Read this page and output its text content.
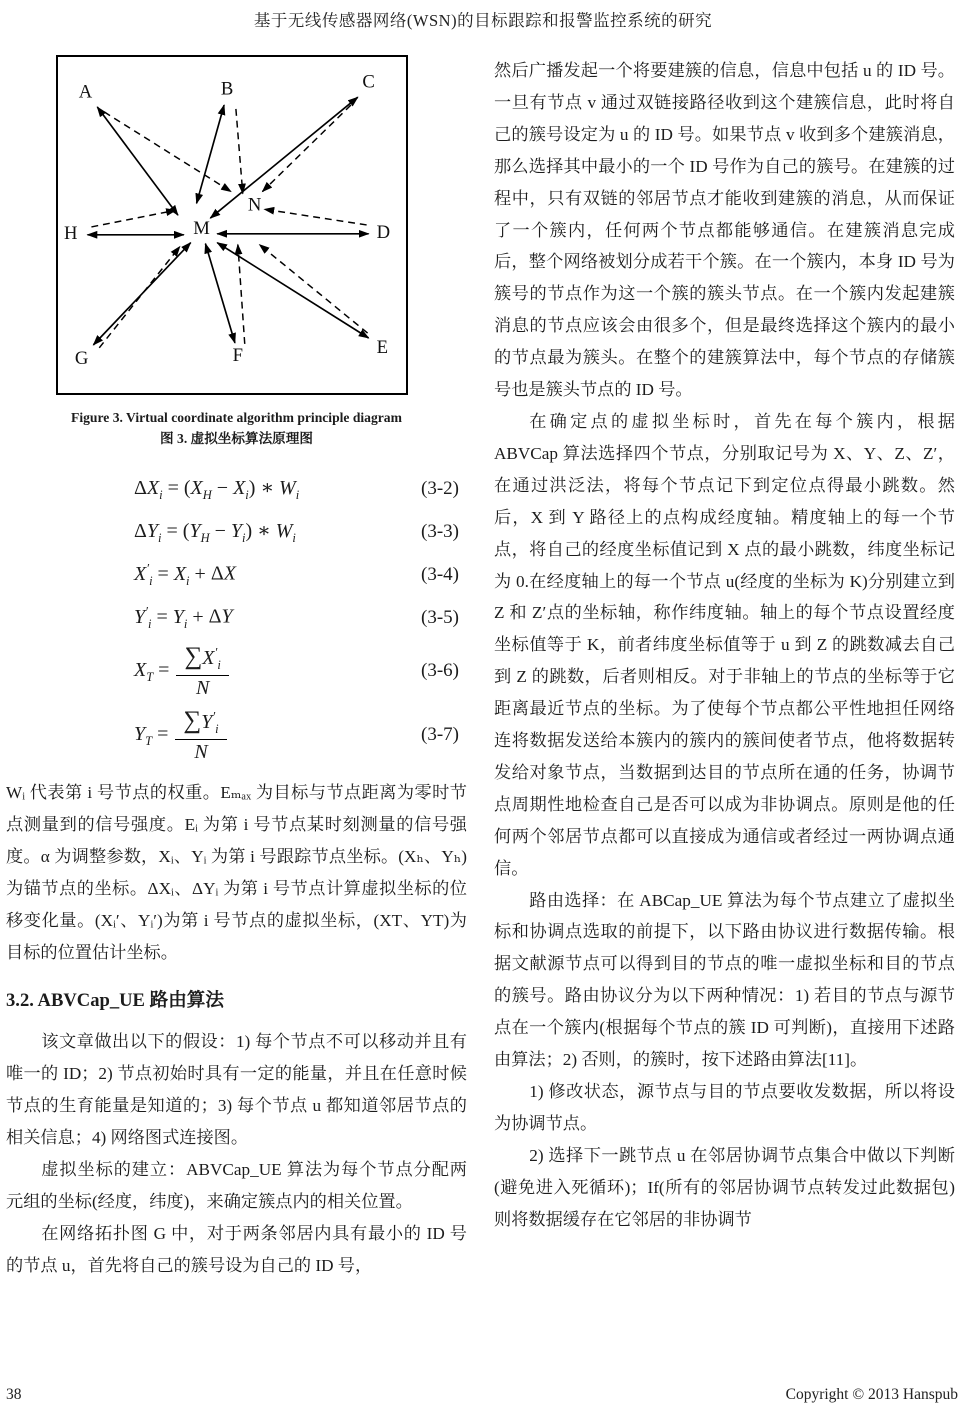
基于无线传感器网络(WSN)的目标跟踪和报警监控系统的研究
A	B	C
H	D
G	F	E
M
N
Figure 3. Virtual coordinate algorithm principle diagram
图 3. 虚拟坐标算法原理图
$\Delta X_i = (X_H - X_i)$ ∗ $W_i$	(3-2)
$\Delta Y_i = (Y_H - Y_i)$ ∗ $W_i$	(3-3)
$X'_i = X_i + \Delta X$	(3-4)
$Y'_i = Y_i + \Delta Y$	(3-5)
$X_T = \frac{\sum X'_i}{N}$	(3-6)
$Y_T = \frac{\sum Y'_i}{N}$	(3-7)

Wᵢ 代表第 i 号节点的权重。Eₘₐₓ 为目标与节点距离为零时节点测量到的信号强度。Eᵢ 为第 i 号节点某时刻测量的信号强度。α 为调整参数，Xᵢ、Yᵢ 为第 i 号跟踪节点坐标。(Xₕ、Yₕ)为锚节点的坐标。ΔXᵢ、ΔYᵢ 为第 i 号节点计算虚拟坐标的位移变化量。(Xᵢ′、Yᵢ′)为第 i 号节点的虚拟坐标，(XT、YT)为目标的位置估计坐标。

3.2. ABVCap_UE 路由算法

该文章做出以下的假设：1) 每个节点不可以移动并且有唯一的 ID；2) 节点初始时具有一定的能量，并且在任意时候节点的生育能量是知道的；3) 每个节点 u 都知道邻居节点的相关信息；4) 网络图式连接图。

虚拟坐标的建立：ABVCap_UE 算法为每个节点分配两元组的坐标(经度，纬度)，来确定簇点内的相关位置。

在网络拓扑图 G 中，对于两条邻居内具有最小的 ID 号的节点 u，首先将自己的簇号设为自己的 ID 号，

然后广播发起一个将要建簇的信息，信息中包括 u 的 ID 号。一旦有节点 v 通过双链接路径收到这个建簇信息，此时将自己的簇号设定为 u 的 ID 号。如果节点 v 收到多个建簇消息，那么选择其中最小的一个 ID 号作为自己的簇号。在建簇的过程中，只有双链的邻居节点才能收到建簇的消息，从而保证了一个簇内，任何两个节点都能够通信。在建簇消息完成后，整个网络被划分成若干个簇。在一个簇内，本身 ID 号为簇号的节点作为这一个簇的簇头节点。在一个簇内发起建簇消息的节点应该会由很多个，但是最终选择这个簇内的最小的节点最为簇头。在整个的建簇算法中，每个节点的存储簇号也是簇头节点的 ID 号。

在确定点的虚拟坐标时，首先在每个簇内，根据 ABVCap 算法选择四个节点，分别取记号为 X、Y、Z、Z′，在通过洪泛法，将每个节点记下到定位点得最小跳数。然后，X 到 Y 路径上的点构成经度轴。精度轴上的每一个节点，将自己的经度坐标值记到 X 点的最小跳数，纬度坐标记为 0.在经度轴上的每一个节点 u(经度的坐标为 K)分别建立到 Z 和 Z′点的坐标轴，称作纬度轴。轴上的每个节点设置经度坐标值等于 K，前者纬度坐标值等于 u 到 Z 的跳数减去自己到 Z 的跳数，后者则相反。对于非轴上的节点的坐标等于它距离最近节点的坐标。为了使每个节点都公平性地担任网络连将数据发送给本簇内的簇内的簇间使者节点，他将数据转发给对象节点，当数据到达目的节点所在通的任务，协调节点周期性地检查自己是否可以成为非协调点。原则是他的任何两个邻居节点都可以直接成为通信或者经过一两协调点通信。

路由选择：在 ABCap_UE 算法为每个节点建立了虚拟坐标和协调点选取的前提下，以下路由协议进行数据传输。根据文献源节点可以得到目的节点的唯一虚拟坐标和目的节点的簇号。路由协议分为以下两种情况：1) 若目的节点与源节点在一个簇内(根据每个节点的簇 ID 可判断)，直接用下述路由算法；2) 否则，的簇时，按下述路由算法[11]。

1) 修改状态，源节点与目的节点要收发数据，所以将设为协调节点。

2) 选择下一跳节点 u 在邻居协调节点集合中做以下判断(避免进入死循环)；If(所有的邻居协调节点转发过此数据包)则将数据缓存在它邻居的非协调节

38	Copyright © 2013 Hanspub
